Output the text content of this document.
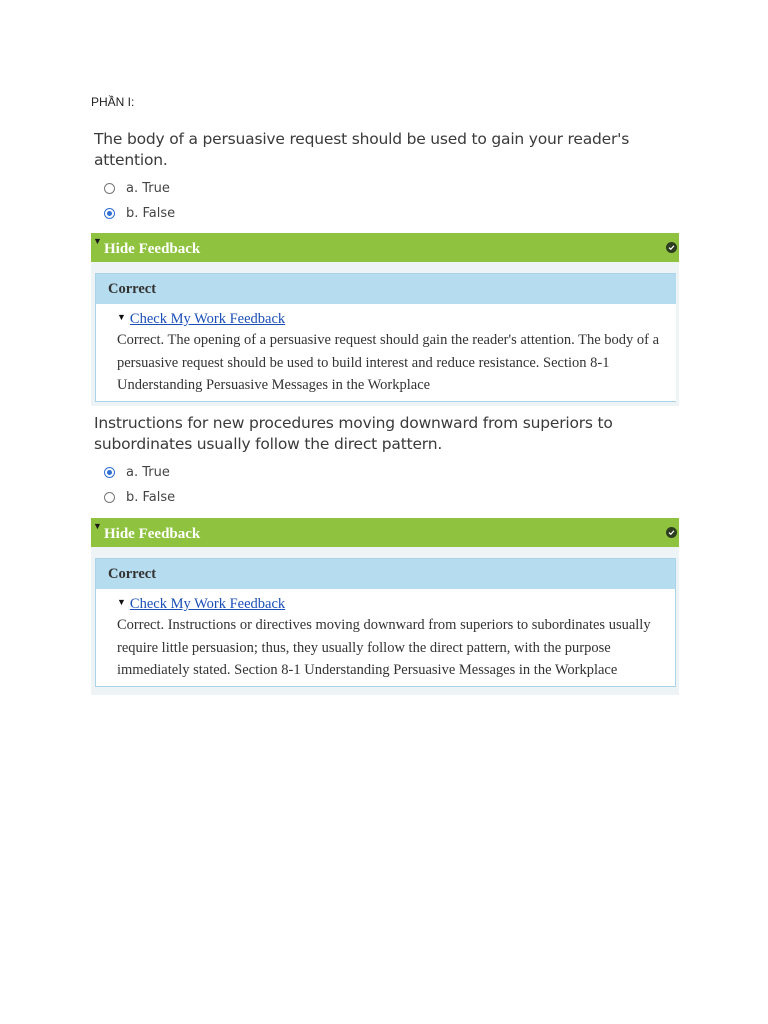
PHẦN I:
The body of a persuasive request should be used to gain your reader's attention.
a. True
b. False
▼ Hide Feedback
Correct
▼ Check My Work Feedback
Correct. The opening of a persuasive request should gain the reader's attention. The body of a persuasive request should be used to build interest and reduce resistance. Section 8-1 Understanding Persuasive Messages in the Workplace
Instructions for new procedures moving downward from superiors to subordinates usually follow the direct pattern.
a. True
b. False
▼ Hide Feedback
Correct
▼ Check My Work Feedback
Correct. Instructions or directives moving downward from superiors to subordinates usually require little persuasion; thus, they usually follow the direct pattern, with the purpose immediately stated. Section 8-1 Understanding Persuasive Messages in the Workplace
